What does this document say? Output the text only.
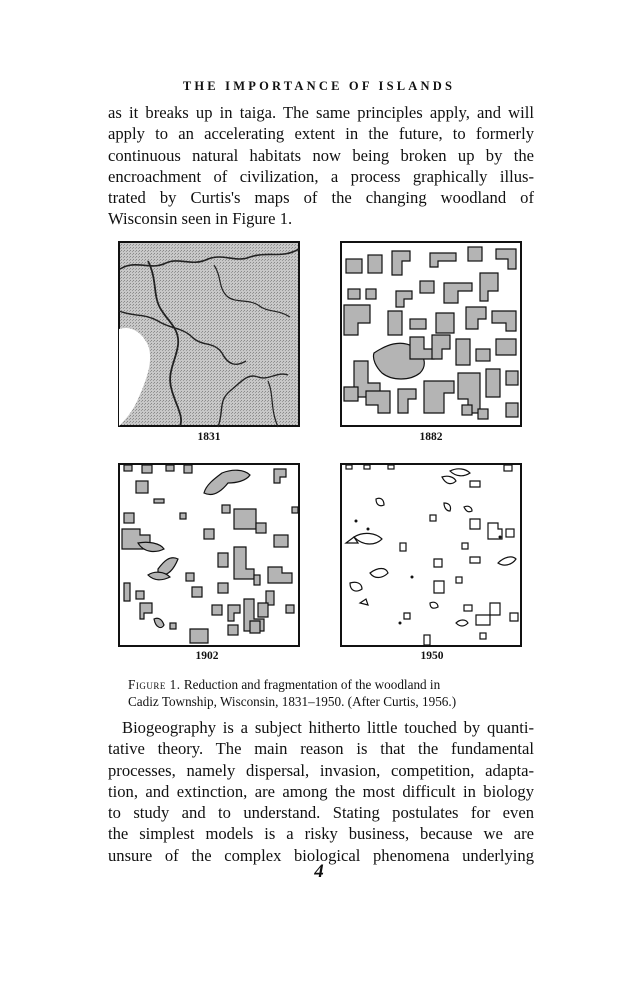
THE IMPORTANCE OF ISLANDS
as it breaks up in taiga. The same principles apply, and will
apply to an accelerating extent in the future, to formerly
continuous natural habitats now being broken up by the
encroachment of civilization, a process graphically illus-
trated by Curtis's maps of the changing woodland of
Wisconsin seen in Figure 1.
1831	1882
1902	1950
Figure 1. Reduction and fragmentation of the woodland in
Cadiz Township, Wisconsin, 1831–1950. (After Curtis, 1956.)
Biogeography is a subject hitherto little touched by quanti-
tative theory. The main reason is that the fundamental
processes, namely dispersal, invasion, competition, adapta-
tion, and extinction, are among the most difficult in biology
to study and to understand. Stating postulates for even
the simplest models is a risky business, because we are
unsure of the complex biological phenomena underlying
4
